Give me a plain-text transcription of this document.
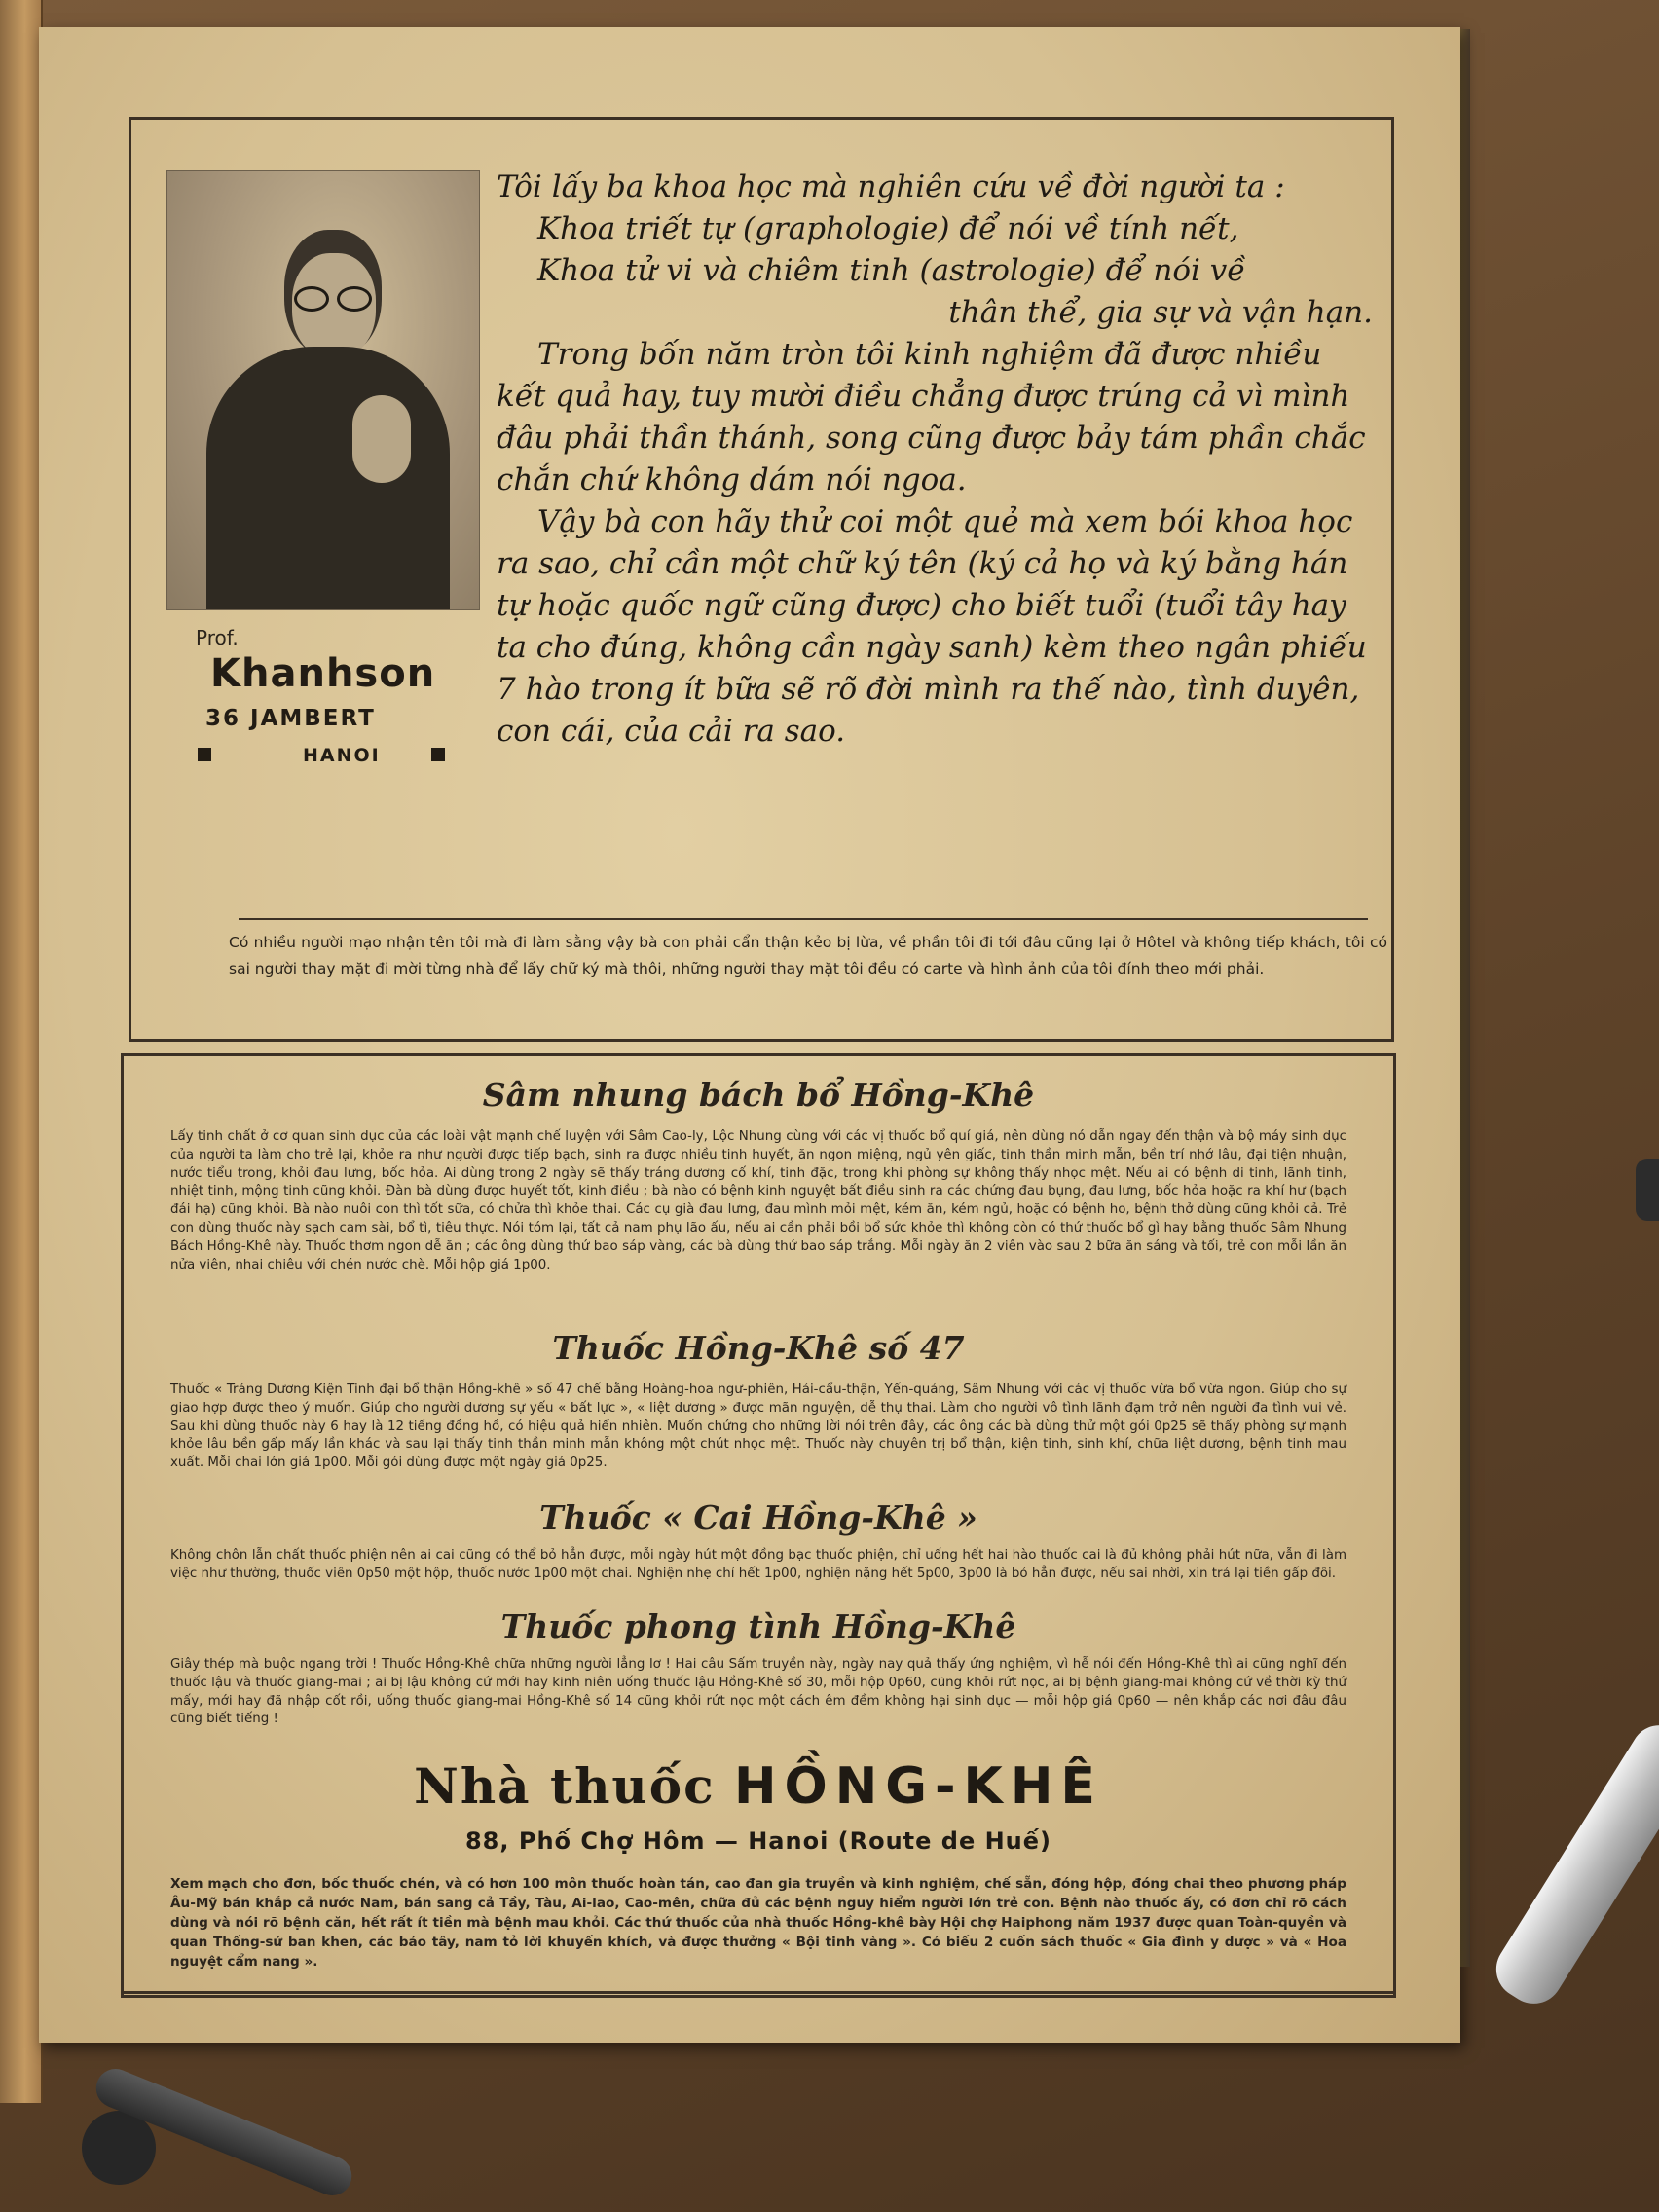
Prof.
Khanhson
36 JAMBERT
HANOI

Tôi lấy ba khoa học mà nghiên cứu về đời người ta :

Khoa triết tự (graphologie) để nói về tính nết,
Khoa tử vi và chiêm tinh (astrologie) để nói về
thân thể, gia sự và vận hạn.

Trong bốn năm tròn tôi kinh nghiệm đã được nhiều kết quả hay, tuy mười điều chẳng được trúng cả vì mình đâu phải thần thánh, song cũng được bảy tám phần chắc chắn chứ không dám nói ngoa.

Vậy bà con hãy thử coi một quẻ mà xem bói khoa học ra sao, chỉ cần một chữ ký tên (ký cả họ và ký bằng hán tự hoặc quốc ngữ cũng được) cho biết tuổi (tuổi tây hay ta cho đúng, không cần ngày sanh) kèm theo ngân phiếu 7 hào trong ít bữa sẽ rõ đời mình ra thế nào, tình duyên, con cái, của cải ra sao.

Có nhiều người mạo nhận tên tôi mà đi làm sằng vậy bà con phải cẩn thận kẻo bị lừa, về phần tôi đi tới đâu cũng lại ở Hôtel và không tiếp khách, tôi có sai người thay mặt đi mời từng nhà để lấy chữ ký mà thôi, những người thay mặt tôi đều có carte và hình ảnh của tôi đính theo mới phải.
Sâm nhung bách bổ Hồng-Khê
Lấy tinh chất ở cơ quan sinh dục của các loài vật mạnh chế luyện với Sâm Cao-ly, Lộc Nhung cùng với các vị thuốc bổ quí giá, nên dùng nó dẫn ngay đến thận và bộ máy sinh dục của người ta làm cho trẻ lại, khỏe ra như người được tiếp bạch, sinh ra được nhiều tinh huyết, ăn ngon miệng, ngủ yên giấc, tinh thần minh mẫn, bền trí nhớ lâu, đại tiện nhuận, nước tiểu trong, khỏi đau lưng, bốc hỏa. Ai dùng trong 2 ngày sẽ thấy tráng dương cố khí, tinh đặc, trong khi phòng sự không thấy nhọc mệt. Nếu ai có bệnh di tinh, lãnh tinh, nhiệt tinh, mộng tinh cũng khỏi. Đàn bà dùng được huyết tốt, kinh điều ; bà nào có bệnh kinh nguyệt bất điều sinh ra các chứng đau bụng, đau lưng, bốc hỏa hoặc ra khí hư (bạch đái hạ) cũng khỏi. Bà nào nuôi con thì tốt sữa, có chửa thì khỏe thai. Các cụ già đau lưng, đau mình mỏi mệt, kém ăn, kém ngủ, hoặc có bệnh ho, bệnh thở dùng cũng khỏi cả. Trẻ con dùng thuốc này sạch cam sài, bổ tì, tiêu thực. Nói tóm lại, tất cả nam phụ lão ấu, nếu ai cần phải bồi bổ sức khỏe thì không còn có thứ thuốc bổ gì hay bằng thuốc Sâm Nhung Bách Hồng-Khê này. Thuốc thơm ngon dễ ăn ; các ông dùng thứ bao sáp vàng, các bà dùng thứ bao sáp trắng. Mỗi ngày ăn 2 viên vào sau 2 bữa ăn sáng và tối, trẻ con mỗi lần ăn nửa viên, nhai chiêu với chén nước chè. Mỗi hộp giá 1p00.
Thuốc Hồng-Khê số 47
Thuốc « Tráng Dương Kiện Tinh đại bổ thận Hồng-khê » số 47 chế bằng Hoàng-hoa ngư-phiên, Hải-cẩu-thận, Yến-quảng, Sâm Nhung với các vị thuốc vừa bổ vừa ngon. Giúp cho sự giao hợp được theo ý muốn. Giúp cho người dương sự yếu « bất lực », « liệt dương » được mãn nguyện, dễ thụ thai. Làm cho người vô tình lãnh đạm trở nên người đa tình vui vẻ. Sau khi dùng thuốc này 6 hay là 12 tiếng đồng hồ, có hiệu quả hiển nhiên. Muốn chứng cho những lời nói trên đây, các ông các bà dùng thử một gói 0p25 sẽ thấy phòng sự mạnh khỏe lâu bền gấp mấy lần khác và sau lại thấy tinh thần minh mẫn không một chút nhọc mệt. Thuốc này chuyên trị bổ thận, kiện tinh, sinh khí, chữa liệt dương, bệnh tinh mau xuất. Mỗi chai lớn giá 1p00. Mỗi gói dùng được một ngày giá 0p25.
Thuốc « Cai Hồng-Khê »
Không chôn lẫn chất thuốc phiện nên ai cai cũng có thể bỏ hẳn được, mỗi ngày hút một đồng bạc thuốc phiện, chỉ uống hết hai hào thuốc cai là đủ không phải hút nữa, vẫn đi làm việc như thường, thuốc viên 0p50 một hộp, thuốc nước 1p00 một chai. Nghiện nhẹ chỉ hết 1p00, nghiện nặng hết 5p00, 3p00 là bỏ hẳn được, nếu sai nhời, xin trả lại tiền gấp đôi.
Thuốc phong tình Hồng-Khê
Giây thép mà buộc ngang trời ! Thuốc Hồng-Khê chữa những người lẳng lơ ! Hai câu Sấm truyền này, ngày nay quả thấy ứng nghiệm, vì hễ nói đến Hồng-Khê thì ai cũng nghĩ đến thuốc lậu và thuốc giang-mai ; ai bị lậu không cứ mới hay kinh niên uống thuốc lậu Hồng-Khê số 30, mỗi hộp 0p60, cũng khỏi rứt nọc, ai bị bệnh giang-mai không cứ về thời kỳ thứ mấy, mới hay đã nhập cốt rồi, uống thuốc giang-mai Hồng-Khê số 14 cũng khỏi rứt nọc một cách êm đềm không hại sinh dục — mỗi hộp giá 0p60 — nên khắp các nơi đâu đâu cũng biết tiếng !
Nhà thuốc HỒNG-KHÊ
88, Phố Chợ Hôm — Hanoi (Route de Huế)
Xem mạch cho đơn, bốc thuốc chén, và có hơn 100 môn thuốc hoàn tán, cao đan gia truyền và kinh nghiệm, chế sẵn, đóng hộp, đóng chai theo phương pháp Âu-Mỹ bán khắp cả nước Nam, bán sang cả Tầy, Tàu, Ai-lao, Cao-mên, chữa đủ các bệnh nguy hiểm người lớn trẻ con. Bệnh nào thuốc ấy, có đơn chỉ rõ cách dùng và nói rõ bệnh căn, hết rất ít tiền mà bệnh mau khỏi. Các thứ thuốc của nhà thuốc Hồng-khê bày Hội chợ Haiphong năm 1937 được quan Toàn-quyền và quan Thống-sứ ban khen, các báo tây, nam tỏ lời khuyến khích, và được thưởng « Bội tinh vàng ». Có biếu 2 cuốn sách thuốc « Gia đình y dược » và « Hoa nguyệt cẩm nang ».
